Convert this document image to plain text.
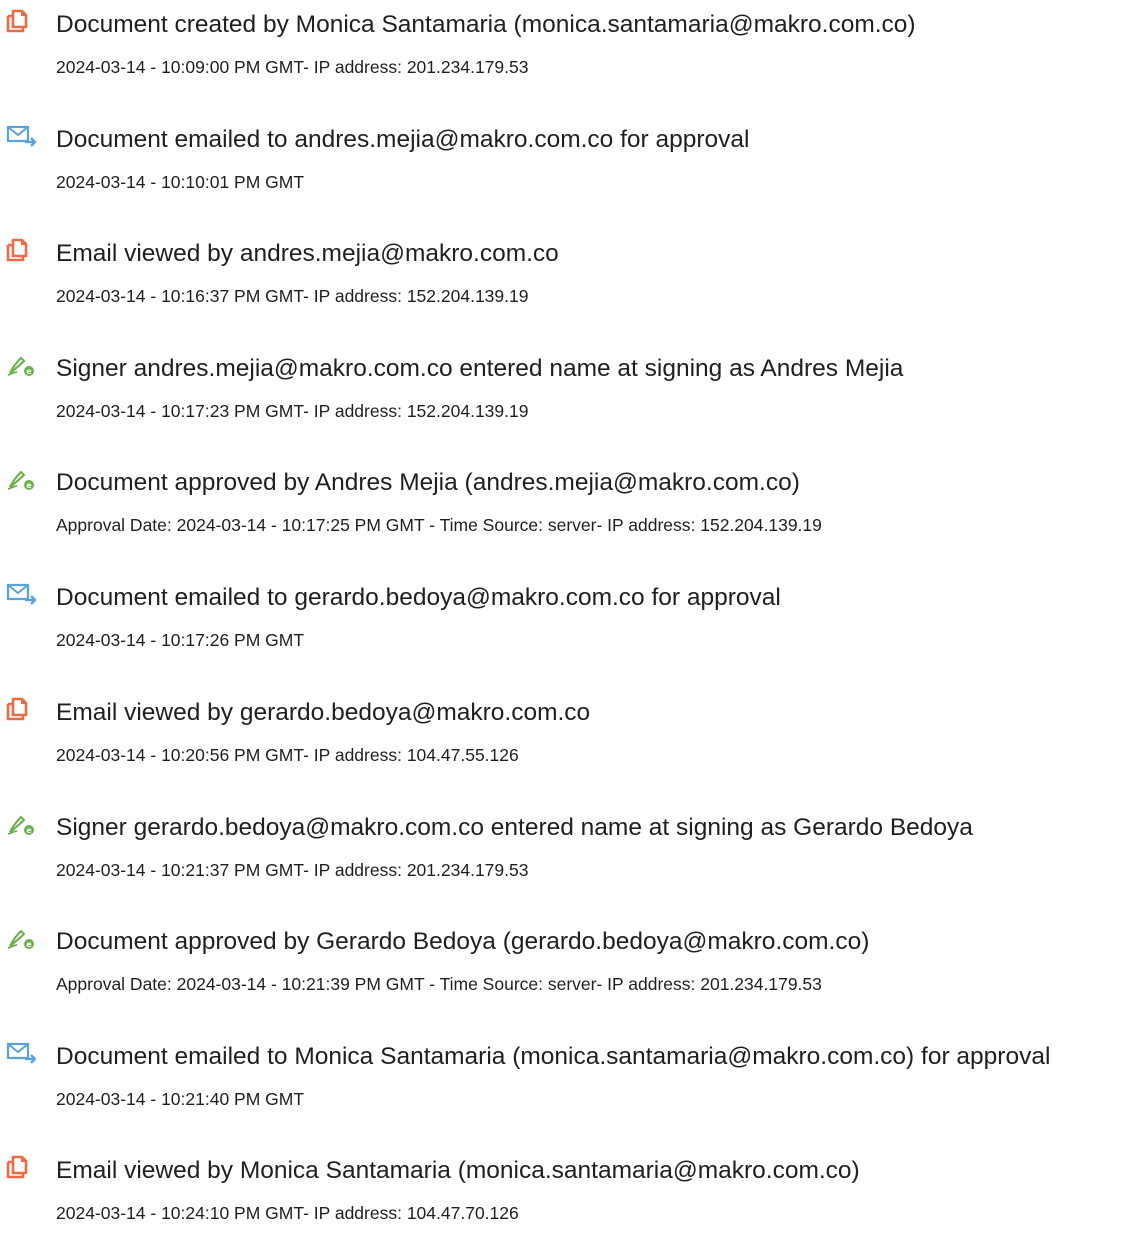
Document created by Monica Santamaria (monica.santamaria@makro.com.co)
2024-03-14 - 10:09:00 PM GMT- IP address: 201.234.179.53
Document emailed to andres.mejia@makro.com.co for approval
2024-03-14 - 10:10:01 PM GMT
Email viewed by andres.mejia@makro.com.co
2024-03-14 - 10:16:37 PM GMT- IP address: 152.204.139.19
e Signer andres.mejia@makro.com.co entered name at signing as Andres Mejia
2024-03-14 - 10:17:23 PM GMT- IP address: 152.204.139.19
e Document approved by Andres Mejia (andres.mejia@makro.com.co)
Approval Date: 2024-03-14 - 10:17:25 PM GMT - Time Source: server- IP address: 152.204.139.19
Document emailed to gerardo.bedoya@makro.com.co for approval
2024-03-14 - 10:17:26 PM GMT
Email viewed by gerardo.bedoya@makro.com.co
2024-03-14 - 10:20:56 PM GMT- IP address: 104.47.55.126
e Signer gerardo.bedoya@makro.com.co entered name at signing as Gerardo Bedoya
2024-03-14 - 10:21:37 PM GMT- IP address: 201.234.179.53
e Document approved by Gerardo Bedoya (gerardo.bedoya@makro.com.co)
Approval Date: 2024-03-14 - 10:21:39 PM GMT - Time Source: server- IP address: 201.234.179.53
Document emailed to Monica Santamaria (monica.santamaria@makro.com.co) for approval
2024-03-14 - 10:21:40 PM GMT
Email viewed by Monica Santamaria (monica.santamaria@makro.com.co)
2024-03-14 - 10:24:10 PM GMT- IP address: 104.47.70.126
